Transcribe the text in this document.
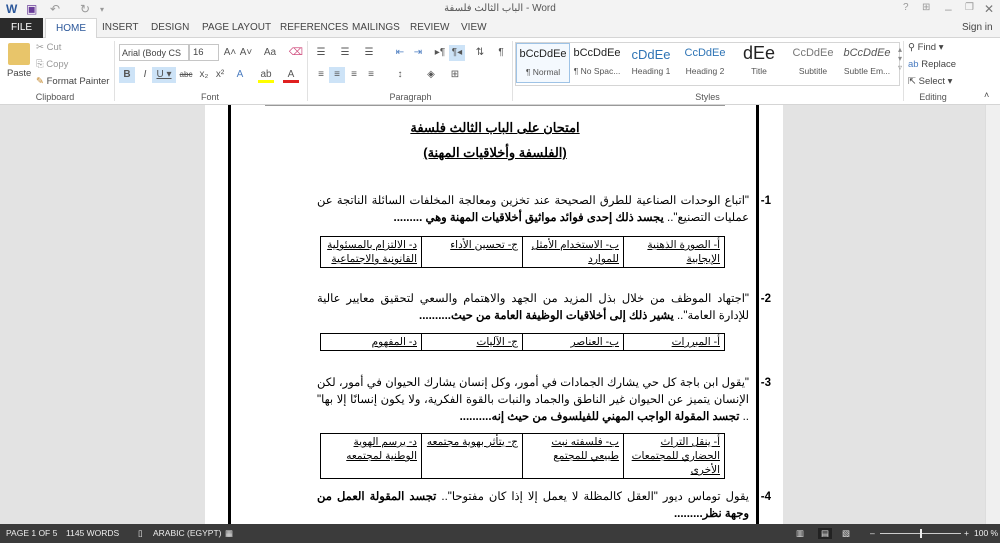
W ▣ ↶ ↻ ▾	الباب الثالث فلسفة - Word	? ⊞ – ❐ ✕
FILE	HOME	INSERT	DESIGN	PAGE LAYOUT REFERENCES MAILINGS	REVIEW	VIEW	Sign in
Paste
✂ Cut
⎘ Copy
✎ Format Painter
Clipboard
Arial (Body CS	16	A˄ A˅	Aa	⌫
B	I	U ▾	abc x₂ x²	A	ab	A
Font
☰	☰	☰	⇤ ⇥	▸¶ ¶◂	⇅	¶
≡	≡	≡	≡	↕	◈	⊞
Paragraph
bCcDdEe
¶ Normal
bCcDdEe
¶ No Spac...
cDdEe
Heading 1
CcDdEe
Heading 2
dEe
Title
CcDdEe
Subtitle
bCcDdEe
Subtle Em...
▴
▾
▿
Styles
⚲ Find ▾
ab Replace
⇱ Select ▾
Editing	˄
امتحان على الباب الثالث فلسفة
(الفلسفة وأخلاقيات المهنة)
1-
"اتباع الوحدات الصناعية للطرق الصحيحة عند تخزين ومعالجة المخلفات السائلة الناتجة عن عمليات التصنيع".. يجسد ذلك إحدى فوائد مواثيق أخلاقيات المهنة وهي .........
أ- الصورة الذهنية الإيجابية	ب- الاستخدام الأمثل للموارد	ج- تحسين الأداء	د- الالتزام بالمسئولية القانونية والاجتماعية
2-
"اجتهاد الموظف من خلال بذل المزيد من الجهد والاهتمام والسعي لتحقيق معايير عالية للإدارة العامة".. يشير ذلك إلى أخلاقيات الوظيفة العامة من حيث..........
أ- المبررات	ب- العناصر	ج- الآليات	د- المفهوم
3-
"يقول ابن باجة كل حي يشارك الجمادات في أمور، وكل إنسان يشارك الحيوان في أمور، لكن الإنسان يتميز عن الحيوان غير الناطق والجماد والنبات بالقوة الفكرية، ولا يكون إنسانًا إلا بها" .. تجسد المقولة الواجب المهني للفيلسوف من حيث إنه..........
أ- ينقل التراث الحضاري للمجتمعات الأخرى	ب- فلسفته نبت طبيعي للمجتمع	ج- يتأثر بهوية مجتمعه	د- يرسم الهوية الوطنية لمجتمعه
4-
يقول توماس ديور "العقل كالمظلة لا يعمل إلا إذا كان مفتوحا".. تجسد المقولة العمل من وجهة نظر.........
PAGE 1 OF 5 1145 WORDS ▯ ARABIC (EGYPT) ▦	▥	▤	▧ –	+ 100 %
